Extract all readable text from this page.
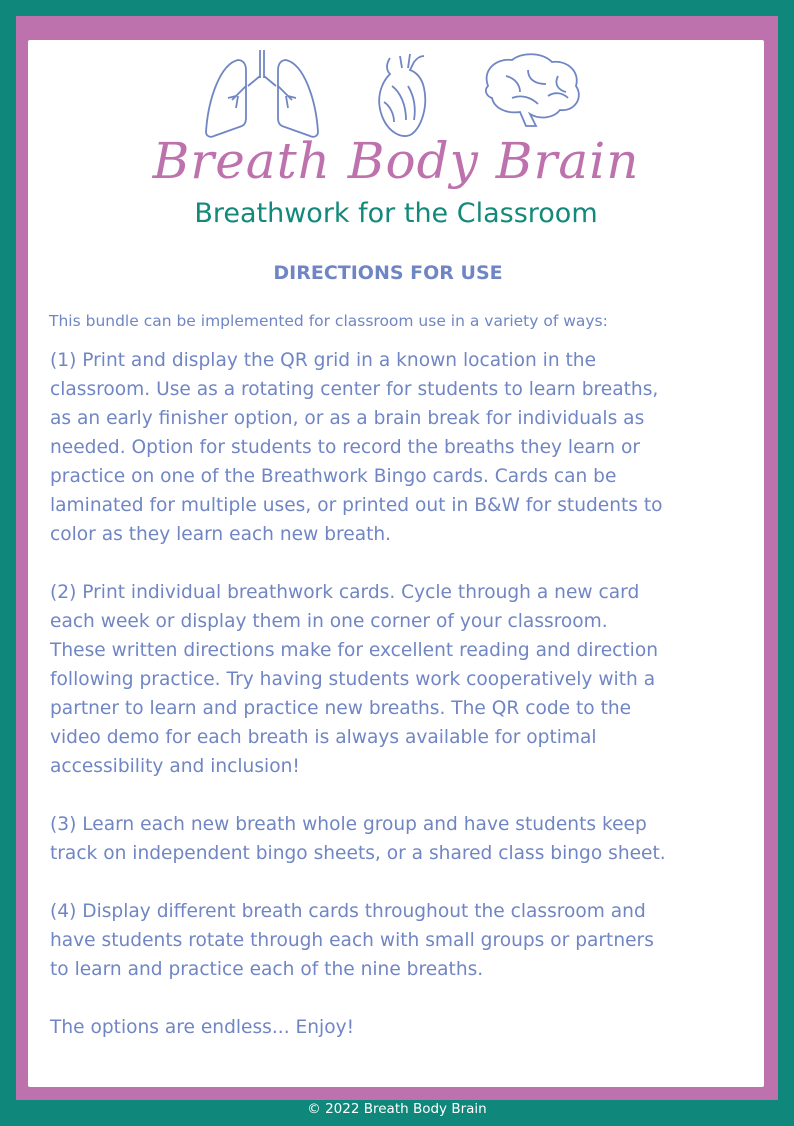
Breath Body Brain
Breathwork for the Classroom
DIRECTIONS FOR USE
This bundle can be implemented for classroom use in a variety of ways:

(1) Print and display the QR grid in a known location in the
classroom. Use as a rotating center for students to learn breaths,
as an early finisher option, or as a brain break for individuals as
needed. Option for students to record the breaths they learn or
practice on one of the Breathwork Bingo cards. Cards can be
laminated for multiple uses, or printed out in B&W for students to
color as they learn each new breath.

(2) Print individual breathwork cards. Cycle through a new card
each week or display them in one corner of your classroom.
These written directions make for excellent reading and direction
following practice. Try having students work cooperatively with a
partner to learn and practice new breaths. The QR code to the
video demo for each breath is always available for optimal
accessibility and inclusion!

(3) Learn each new breath whole group and have students keep
track on independent bingo sheets, or a shared class bingo sheet.

(4) Display different breath cards throughout the classroom and
have students rotate through each with small groups or partners
to learn and practice each of the nine breaths.

The options are endless... Enjoy!

© 2022 Breath Body Brain
